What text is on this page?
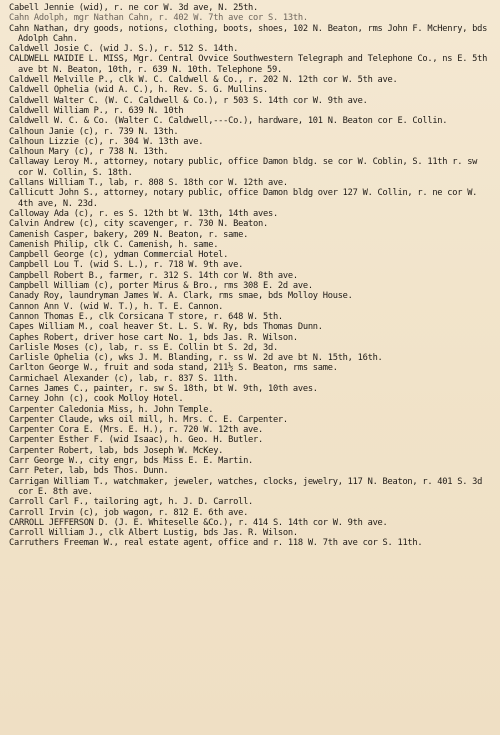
Cabell Jennie (wid), r. ne cor W. 3d ave, N. 25th.
Cahn Adolph, mgr Nathan Cahn, r. 402 W. 7th ave cor S. 13th.
Cahn Nathan, dry goods, notions, clothing, boots, shoes, 102 N. Beaton, rms John F. McHenry, bds Adolph Cahn.
Caldwell Josie C. (wid J. S.), r. 512 S. 14th.
CALDWELL MAIDIE L. MISS, Mgr. Central Ovvice Southwestern Telegraph and Telephone Co., ns E. 5th ave bt N. Beaton, 10th, r. 639 N. 10th. Telephone 59.
Caldwell Melville P., clk W. C. Caldwell & Co., r. 202 N. 12th cor W. 5th ave.
Caldwell Ophelia (wid A. C.), h. Rev. S. G. Mullins.
Caldwell Walter C. (W. C. Caldwell & Co.), r 503 S. 14th cor W. 9th ave.
Caldwell William P., r. 639 N. 10th
Caldwell W. C. & Co. (Walter C. Caldwell,---Co.), hardware, 101 N. Beaton cor E. Collin.
Calhoun Janie (c), r. 739 N. 13th.
Calhoun Lizzie (c), r. 304 W. 13th ave.
Calhoun Mary (c), r 738 N. 13th.
Callaway Leroy M., attorney, notary public, office Damon bldg. se cor W. Coblin, S. 11th r. sw cor W. Collin, S. 18th.
Callans William T., lab, r. 808 S. 18th cor W. 12th ave.
Callicutt John S., attorney, notary public, office Damon bldg over 127 W. Collin, r. ne cor W. 4th ave, N. 23d.
Calloway Ada (c), r. es S. 12th bt W. 13th, 14th aves.
Calvin Andrew (c), city scavenger, r. 730 N. Beaton.
Camenish Casper, bakery, 209 N. Beaton, r. same.
Camenish Philip, clk C. Camenish, h. same.
Campbell George (c), ydman Commercial Hotel.
Campbell Lou T. (wid S. L.), r. 718 W. 9th ave.
Campbell Robert B., farmer, r. 312 S. 14th cor W. 8th ave.
Campbell William (c), porter Mirus & Bro., rms 308 E. 2d ave.
Canady Roy, laundryman James W. A. Clark, rms smae, bds Molloy House.
Cannon Ann V. (wid W. T.), h. T. E. Cannon.
Cannon Thomas E., clk Corsicana T store, r. 648 W. 5th.
Capes William M., coal heaver St. L. S. W. Ry, bds Thomas Dunn.
Caphes Robert, driver hose cart No. 1, bds Jas. R. Wilson.
Carlisle Moses (c), lab, r. ss E. Collin bt S. 2d, 3d.
Carlisle Ophelia (c), wks J. M. Blanding, r. ss W. 2d ave bt N. 15th, 16th.
Carlton George W., fruit and soda stand, 211½ S. Beaton, rms same.
Carmichael Alexander (c), lab, r. 837 S. 11th.
Carnes James C., painter, r. sw S. 18th, bt W. 9th, 10th aves.
Carney John (c), cook Molloy Hotel.
Carpenter Caledonia Miss, h. John Temple.
Carpenter Claude, wks oil mill, h. Mrs. C. E. Carpenter.
Carpenter Cora E. (Mrs. E. H.), r. 720 W. 12th ave.
Carpenter Esther F. (wid Isaac), h. Geo. H. Butler.
Carpenter Robert, lab, bds Joseph W. McKey.
Carr George W., city engr, bds Miss E. E. Martin.
Carr Peter, lab, bds Thos. Dunn.
Carrigan William T., watchmaker, jeweler, watches, clocks, jewelry, 117 N. Beaton, r. 401 S. 3d cor E. 8th ave.
Carroll Carl F., tailoring agt, h. J. D. Carroll.
Carroll Irvin (c), job wagon, r. 812 E. 6th ave.
CARROLL JEFFERSON D. (J. E. Whiteselle &Co.), r. 414 S. 14th cor W. 9th ave.
Carroll William J., clk Albert Lustig, bds Jas. R. Wilson.
Carruthers Freeman W., real estate agent, office and r. 118 W. 7th ave cor S. 11th.
